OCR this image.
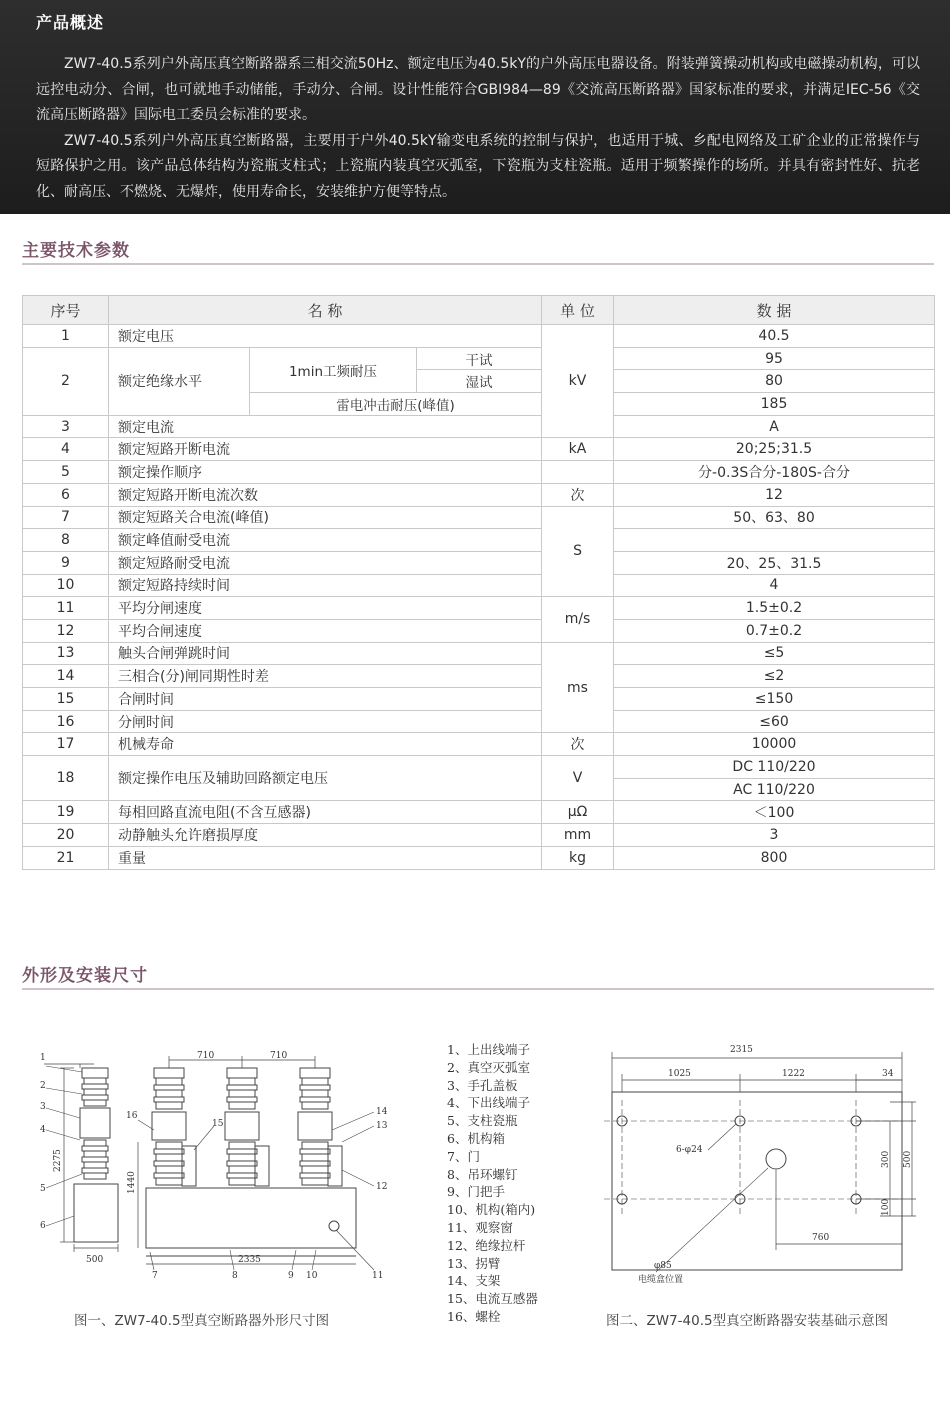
产品概述

ZW7-40.5系列户外高压真空断路器系三相交流50Hz、额定电压为40.5kY的户外高压电器设备。附装弹簧操动机构或电磁操动机构，可以远控电动分、合闸，也可就地手动储能，手动分、合闸。设计性能符合GBI984—89《交流高压断路器》国家标准的要求，并满足IEC-56《交流高压断路器》国际电工委员会标准的要求。

ZW7-40.5系列户外高压真空断路器，主要用于户外40.5kY输变电系统的控制与保护，也适用于城、乡配电网络及工矿企业的正常操作与短路保护之用。该产品总体结构为瓷瓶支柱式；上瓷瓶内装真空灭弧室，下瓷瓶为支柱瓷瓶。适用于频繁操作的场所。并具有密封性好、抗老化、耐高压、不燃烧、无爆炸，使用寿命长，安装维护方便等特点。

主要技术参数
序号	名 称			单 位	数 据	
1	额定电压			kV	40.5	
2	额定绝缘水平	1min工频耐压	干试		95	
			湿试		80	
		雷电冲击耐压(峰值)			185	
3	额定电流				A	
4	额定短路开断电流			kA	20;25;31.5	
5	额定操作顺序				分-0.3S合分-180S-合分	
6	额定短路开断电流次数			次	12	
7	额定短路关合电流(峰值)			S	50、63、80	
8	额定峰值耐受电流					
9	额定短路耐受电流				20、25、31.5	
10	额定短路持续时间				4	
11	平均分闸速度			m/s	1.5±0.2	
12	平均合闸速度				0.7±0.2	
13	触头合闸弹跳时间			ms	≤5	
14	三相合(分)闸同期性时差				≤2	
15	合闸时间				≤150	
16	分闸时间				≤60	
17	机械寿命			次	10000	
18	额定操作电压及辅助回路额定电压			V	DC 110/220	
					AC 110/220	
19	每相回路直流电阻(不含互感器)			μΩ	＜100	
20	动静触头允许磨损厚度			mm	3	
21	重量			kg	800	
外形及安装尺寸
1
2
3
4
5
6
7	8	9 10	11
12
13
14
15
16
710	710
2275
1440
500	2335
图一、ZW7-40.5型真空断路器外形尺寸图
1、上出线端子
2、真空灭弧室
3、手孔盖板
4、下出线端子
5、支柱瓷瓶
6、机构箱
7、门
8、吊环螺钉
9、门把手
10、机构(箱内)
11、观察窗
12、绝缘拉杆
13、拐臂
14、支架
15、电流互感器
16、螺栓
2315
1025	1222	34
6-φ24
300 500
100
760
φ85
电缆盒位置
图二、ZW7-40.5型真空断路器安装基础示意图
